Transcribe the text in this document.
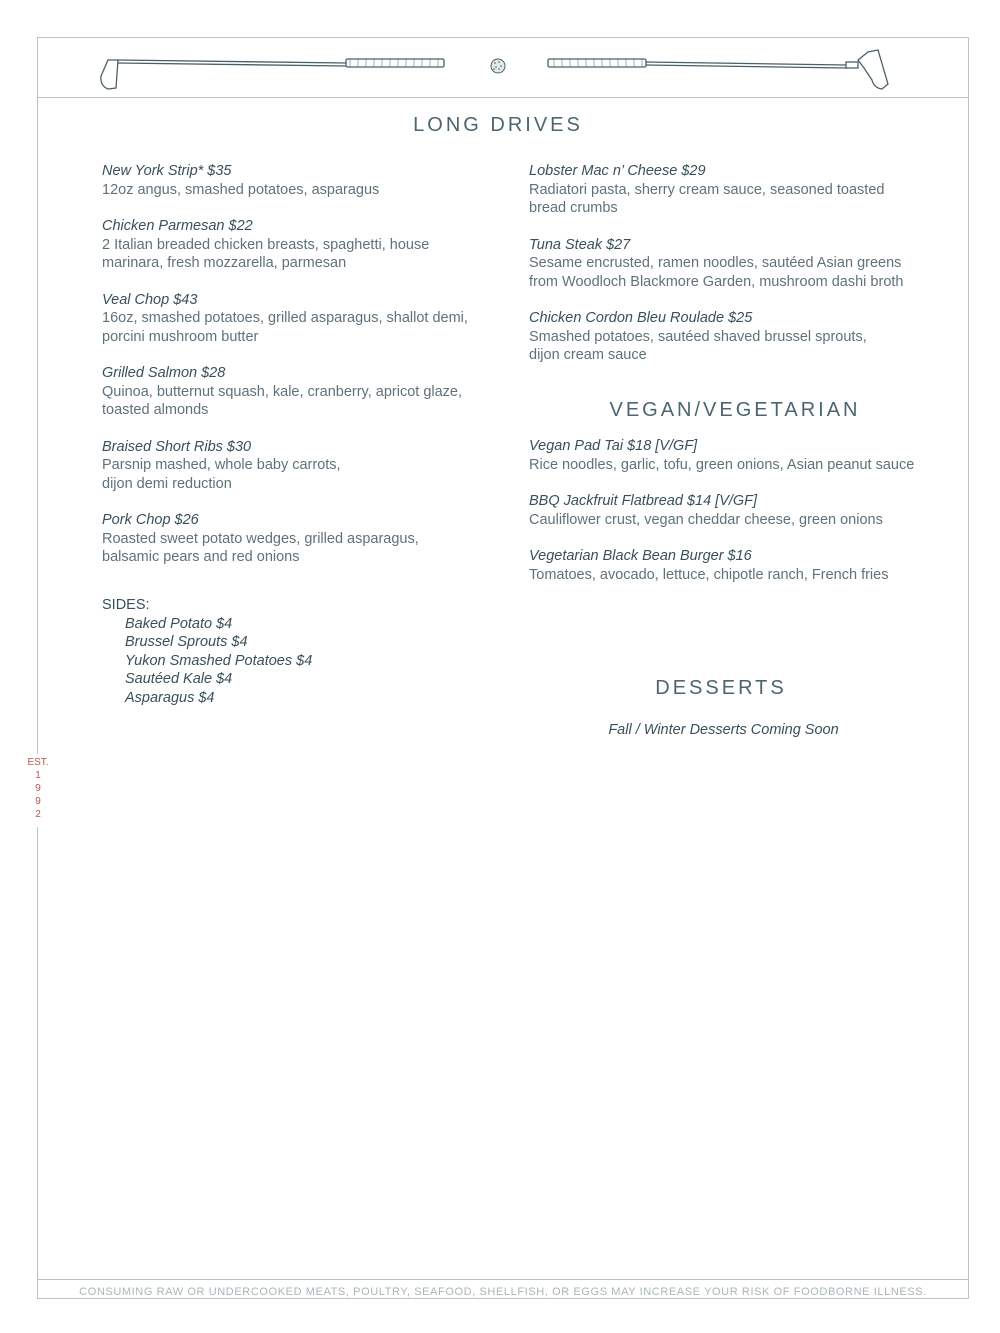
LONG DRIVES
New York Strip* $35
12oz angus, smashed potatoes, asparagus
Chicken Parmesan $22
2 Italian breaded chicken breasts, spaghetti, house
marinara, fresh mozzarella, parmesan
Veal Chop $43
16oz, smashed potatoes, grilled asparagus, shallot demi,
porcini mushroom butter
Grilled Salmon $28
Quinoa, butternut squash, kale, cranberry, apricot glaze,
toasted almonds
Braised Short Ribs $30
Parsnip mashed, whole baby carrots,
dijon demi reduction
Pork Chop $26
Roasted sweet potato wedges, grilled asparagus,
balsamic pears and red onions
Lobster Mac n’ Cheese $29
Radiatori pasta, sherry cream sauce, seasoned toasted
bread crumbs
Tuna Steak $27
Sesame encrusted, ramen noodles, sautéed Asian greens
from Woodloch Blackmore Garden, mushroom dashi broth
Chicken Cordon Bleu Roulade $25
Smashed potatoes, sautéed shaved brussel sprouts,
dijon cream sauce
VEGAN/VEGETARIAN
Vegan Pad Tai $18 [V/GF]
Rice noodles, garlic, tofu, green onions, Asian peanut sauce
BBQ Jackfruit Flatbread $14 [V/GF]
Cauliflower crust, vegan cheddar cheese, green onions
Vegetarian Black Bean Burger $16
Tomatoes, avocado, lettuce, chipotle ranch, French fries
SIDES:
Baked Potato $4
Brussel Sprouts $4
Yukon Smashed Potatoes $4
Sautéed Kale $4
Asparagus $4	DESSERTS
Fall / Winter Desserts Coming Soon
EST.
1
9
9
2
CONSUMING RAW OR UNDERCOOKED MEATS, POULTRY, SEAFOOD, SHELLFISH, OR EGGS MAY INCREASE YOUR RISK OF FOODBORNE ILLNESS.
